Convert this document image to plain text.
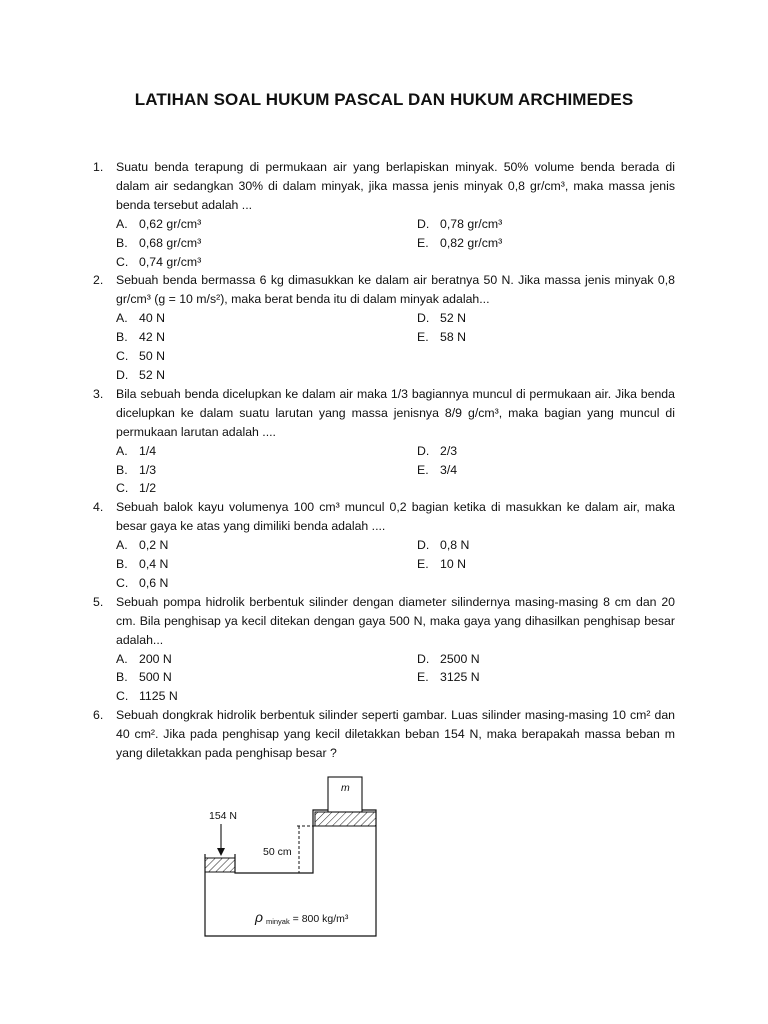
LATIHAN SOAL HUKUM PASCAL DAN HUKUM ARCHIMEDES
1.	Suatu benda terapung di permukaan air yang berlapiskan minyak. 50% volume benda berada di dalam air sedangkan 30% di dalam minyak, jika massa jenis minyak 0,8 gr/cm³, maka massa jenis benda tersebut adalah ...
A. 0,62 gr/cm³	D. 0,78 gr/cm³
B. 0,68 gr/cm³	E. 0,82 gr/cm³
C. 0,74 gr/cm³
2.	Sebuah benda bermassa 6 kg dimasukkan ke dalam air beratnya 50 N. Jika massa jenis minyak 0,8 gr/cm³ (g = 10 m/s²), maka berat benda itu di dalam minyak adalah...
A. 40 N	D. 52 N
B. 42 N	E. 58 N
C. 50 N
D. 52 N
3.	Bila sebuah benda dicelupkan ke dalam air maka 1/3 bagiannya muncul di permukaan air. Jika benda dicelupkan ke dalam suatu larutan yang massa jenisnya 8/9 g/cm³, maka bagian yang muncul di permukaan larutan adalah ....
A. 1/4	D. 2/3
B. 1/3	E. 3/4
C. 1/2
4.	Sebuah balok kayu volumenya 100 cm³ muncul 0,2 bagian ketika di masukkan ke dalam air, maka besar gaya ke atas yang dimiliki benda adalah ....
A. 0,2 N	D. 0,8 N
B. 0,4 N	E. 10 N
C. 0,6 N
5.	Sebuah pompa hidrolik berbentuk silinder dengan diameter silindernya masing-masing 8 cm dan 20 cm. Bila penghisap ya kecil ditekan dengan gaya 500 N, maka gaya yang dihasilkan penghisap besar adalah...
A. 200 N	D. 2500 N
B. 500 N	E. 3125 N
C. 1125 N
6.	Sebuah dongkrak hidrolik berbentuk silinder seperti gambar. Luas silinder masing-masing 10 cm² dan 40 cm². Jika pada penghisap yang kecil diletakkan beban 154 N, maka berapakah massa beban m yang diletakkan pada penghisap besar ?
m
154 N
50 cm
ρ minyak = 800 kg/m³
